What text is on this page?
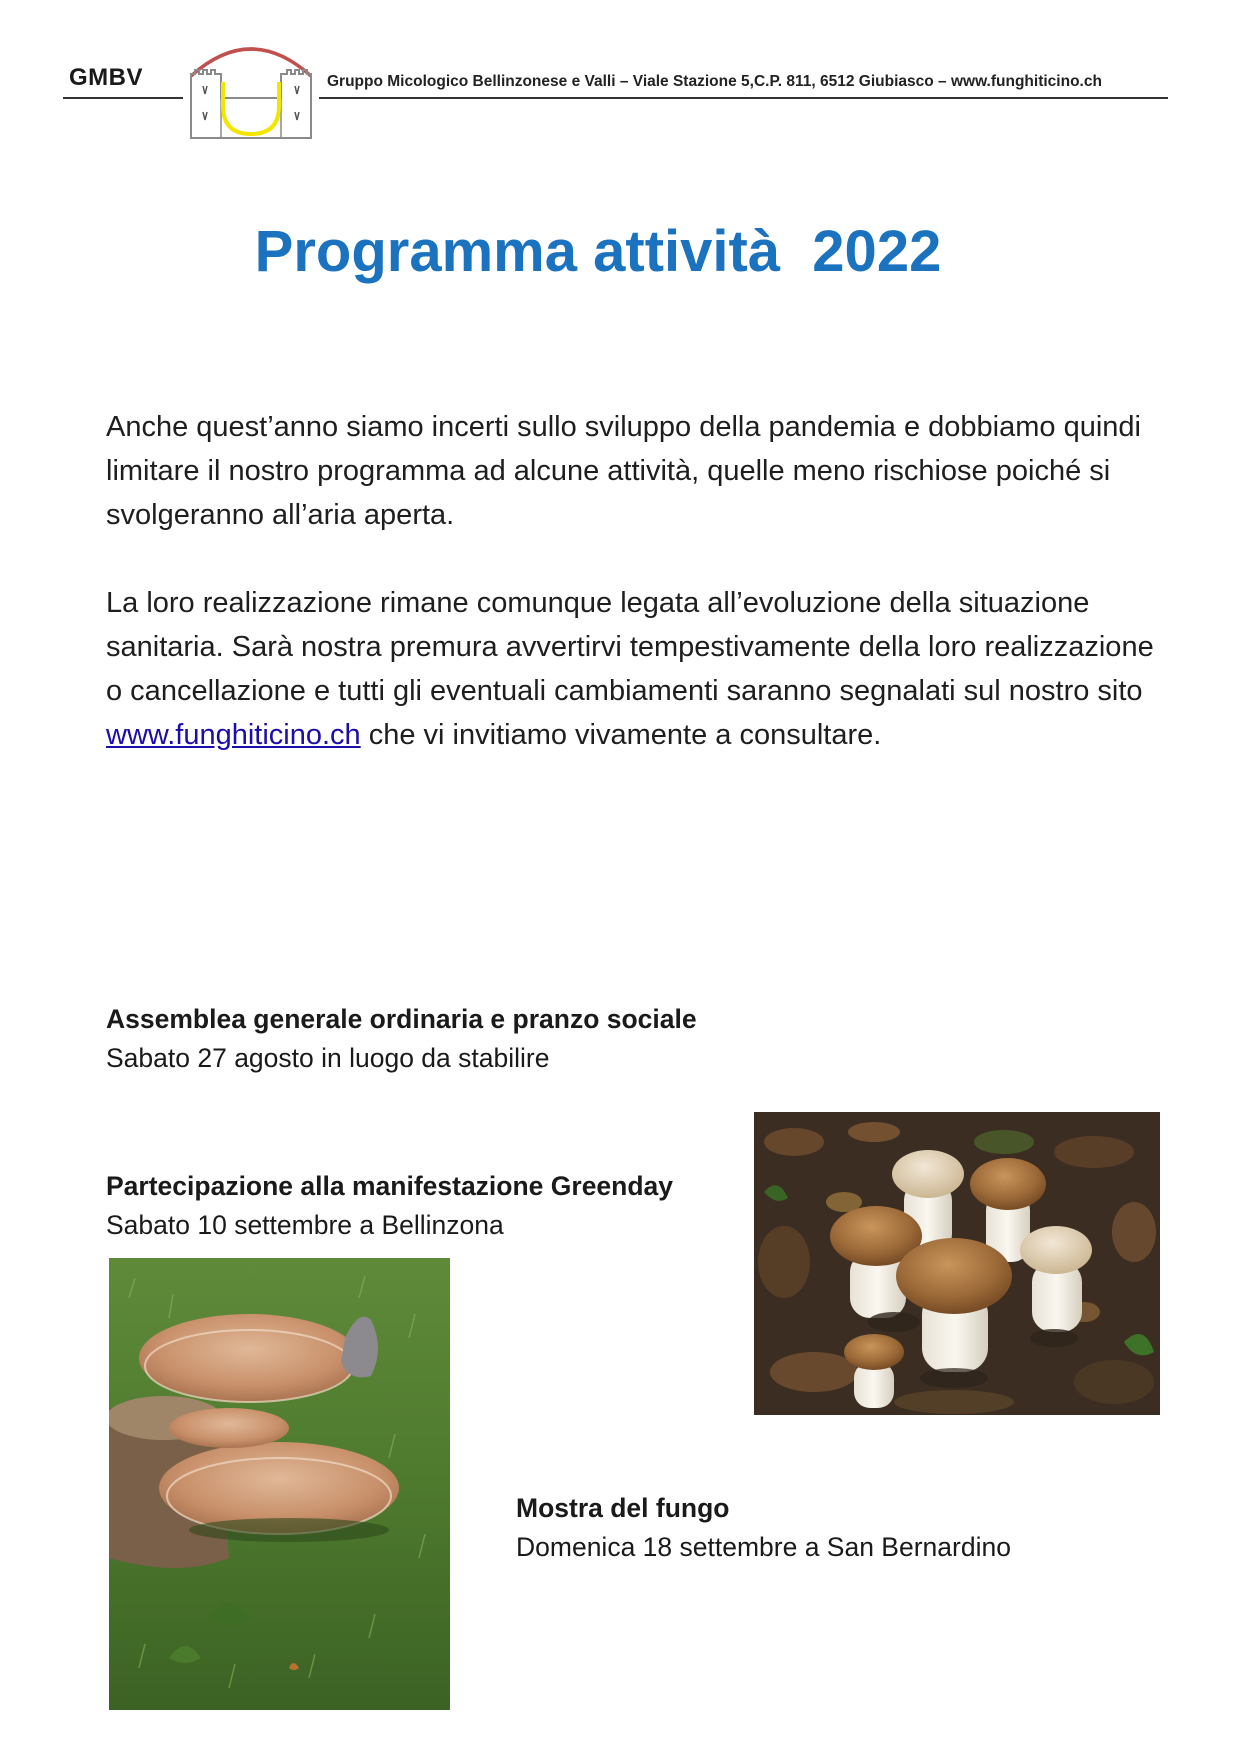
GMBV	Gruppo Micologico Bellinzonese e Valli – Viale Stazione 5,C.P. 811, 6512 Giubiasco – www.funghiticino.ch
Programma attività  2022

Anche quest’anno siamo incerti sullo sviluppo della pandemia e dobbiamo quindi limitare il nostro programma ad alcune attività, quelle meno rischiose poiché si svolgeranno all’aria aperta.

La loro realizzazione rimane comunque legata all’evoluzione della situazione sanitaria. Sarà nostra premura avvertirvi tempestivamente della loro realizzazione o cancellazione e tutti gli eventuali cambiamenti saranno segnalati sul nostro sito www.funghiticino.ch che vi invitiamo vivamente a consultare.

Assemblea generale ordinaria e pranzo sociale
Sabato 27 agosto in luogo da stabilire
Partecipazione alla manifestazione Greenday
Sabato 10 settembre a Bellinzona
Mostra del fungo
Domenica 18 settembre a San Bernardino
